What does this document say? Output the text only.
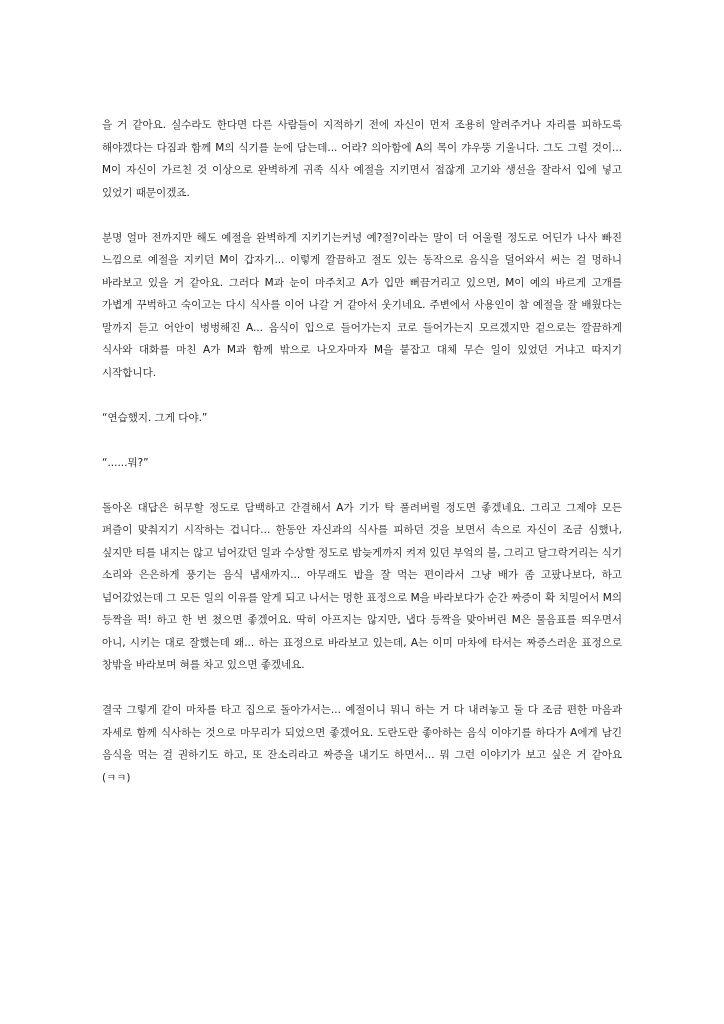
을 거 같아요. 실수라도 한다면 다른 사람들이 지적하기 전에 자신이 먼저 조용히 알려주거나 자리를 피하도록 해야겠다는 다짐과 함께 M의 식기를 눈에 담는데... 어라? 의아함에 A의 목이 갸우뚱 기울니다. 그도 그럴 것이... M이 자신이 가르친 것 이상으로 완벽하게 귀족 식사 예절을 지키면서 점잖게 고기와 생선을 잘라서 입에 넣고 있었기 때문이겠죠.

분명 얼마 전까지만 해도 예절을 완벽하게 지키기는커녕 예?절?이라는 말이 더 어울릴 정도로 어딘가 나사 빠진 느낌으로 예절을 지키던 M이 갑자기... 이렇게 깔끔하고 절도 있는 동작으로 음식을 덜어와서 써는 걸 멍하니 바라보고 있을 거 같아요. 그러다 M과 눈이 마주치고 A가 입만 뻐끔거리고 있으면, M이 예의 바르게 고개를 가볍게 꾸벅하고 숙이고는 다시 식사를 이어 나갈 거 같아서 웃기네요. 주변에서 사용인이 참 예절을 잘 배웠다는 말까지 듣고 어안이 벙벙해진 A... 음식이 입으로 들어가는지 코로 들어가는지 모르겠지만 겉으로는 깔끔하게 식사와 대화를 마친 A가 M과 함께 밖으로 나오자마자 M을 붙잡고 대체 무슨 일이 있었던 거냐고 따지기 시작합니다.

“연습했지. 그게 다야.”

“......뭐?”

돌아온 대답은 허무할 정도로 담백하고 간결해서 A가 기가 탁 풀려버릴 정도면 좋겠네요. 그리고 그제야 모든 퍼즐이 맞춰지기 시작하는 겁니다... 한동안 자신과의 식사를 피하던 것을 보면서 속으로 자신이 조금 심했나, 싶지만 티를 내지는 않고 넘어갔던 일과 수상할 정도로 밤늦게까지 켜져 있던 부엌의 불, 그리고 달그락거리는 식기 소리와 은은하게 풍기는 음식 냄새까지... 아무래도 밥을 잘 먹는 편이라서 그냥 배가 좀 고팠나보다, 하고 넘어갔었는데 그 모든 일의 이유를 알게 되고 나서는 멍한 표정으로 M을 바라보다가 순간 짜증이 확 치밀어서 M의 등짝을 퍽! 하고 한 번 쳤으면 좋겠어요. 딱히 아프지는 않지만, 냅다 등짝을 맞아버린 M은 물음표를 띄우면서 아니, 시키는 대로 잘했는데 왜... 하는 표정으로 바라보고 있는데, A는 이미 마차에 타서는 짜증스러운 표정으로 창밖을 바라보며 혀를 차고 있으면 좋겠네요.

결국 그렇게 같이 마차를 타고 집으로 돌아가서는... 예절이니 뭐니 하는 거 다 내려놓고 둘 다 조금 편한 마음과 자세로 함께 식사하는 것으로 마무리가 되었으면 좋겠어요. 도란도란 좋아하는 음식 이야기를 하다가 A에게 남긴 음식을 먹는 걸 권하기도 하고, 또 잔소리라고 짜증을 내기도 하면서... 뭐 그런 이야기가 보고 싶은 거 같아요(ㅋㅋ)
